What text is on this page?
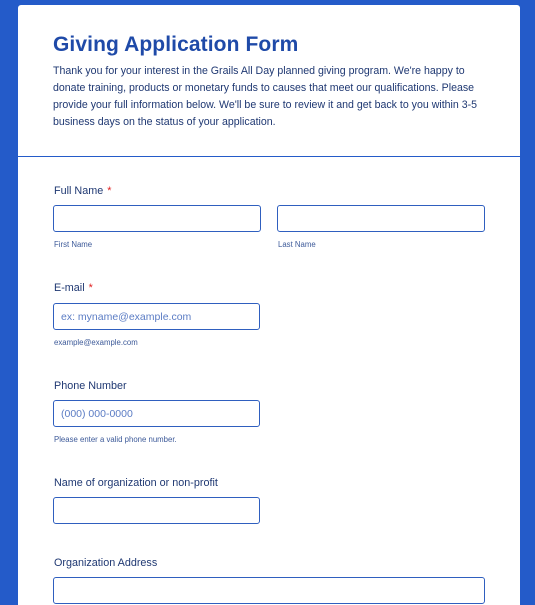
Giving Application Form

Thank you for your interest in the Grails All Day planned giving program. We're happy to donate training, products or monetary funds to causes that meet our qualifications. Please provide your full information below. We'll be sure to review it and get back to you within 3-5 business days on the status of your application.

Full Name *
First Name	Last Name
E-mail *
ex: myname@example.com
example@example.com
Phone Number
(000) 000-0000
Please enter a valid phone number.
Name of organization or non-profit
Organization Address
